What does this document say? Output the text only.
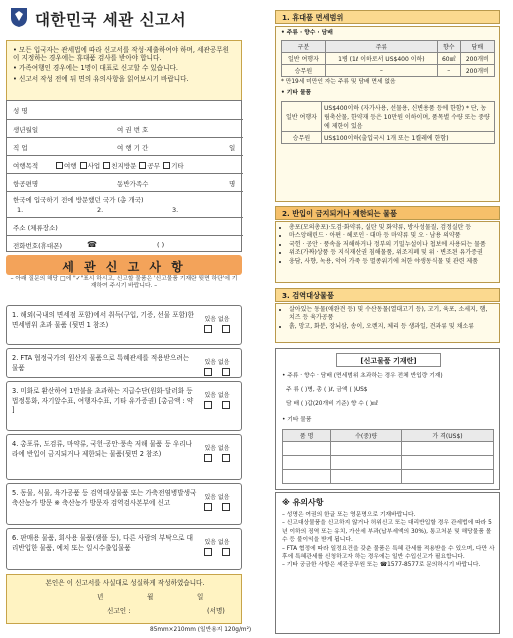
대한민국 세관 신고서
• 모든 입국자는 관세법에 따라 신고서를 작성·제출하여야 하며, 세관공무원이 지정하는 경우에는 휴대품 검사를 받아야 합니다.
• 가족여행인 경우에는 1명이 대표로 신고할 수 있습니다.
• 신고서 작성 전에 뒤 면의 유의사항을 읽어보시기 바랍니다.
성 명
생년월일	여 권 번 호
직 업	여 행 기 간	일
여행목적	여행 사업 친지방문 공무 기타
항공편명	동반가족수	명
한국에 입국하기 전에 방문했던 국가 (총 개국)
1.	2.	3.
주소 (체류장소)
전화번호(휴대폰)	☎	( )
세 관 신 고 사 항
– 아래 질문의 해당 □에 "✓"표시 하시고, 신고할 물품은 '신고물품 기재란 뒷면 하단'에 기재하여 주시기 바랍니다. –
1. 해외(국내의 면세점 포함)에서 취득(구입, 기증, 선물 포함)한 면세범위 초과 물품 (뒷면 1 참조)
있음 없음

2. FTA 협정국가의 원산지 물품으로 특혜관세를 적용받으려는 물품
있음 없음

3. 미화로 환산하여 1만불을 초과하는 지급수단(원화·달러화 등 법정통화, 자기앞수표, 여행자수표, 기타 유가증권) [총금액 : 약 ]
있음 없음

4. 총포류, 도검류, 마약류, 국헌·공안·풍속 저해 물품 등 우리나라에 반입이 금지되거나 제한되는 물품(뒷면 2 참조)
있음 없음

5. 동물, 식물, 육가공품 등 검역대상물품 또는 가축전염병발생국 축산농가 방문 ※ 축산농가 방문자 검역검사본부에 신고
있음 없음

6. 판매용 물품, 회사용 물품(샘플 등), 다른 사람의 부탁으로 대리반입한 물품, 예치 또는 일시수출입물품
있음 없음

본인은 이 신고서를 사실대로 성실하게 작성하였습니다.
년	월	일
신고인 :	(서명)
85mm×210mm (일반용지 120g/m²)
1. 휴대품 면세범위
• 주류 · 향수 · 담배
구분	주류	향수	담배
일반 여행자	1병 (1ℓ 이하로서 US$400 이하)	60㎖	200개비
승무원	–	–	200개비
* 만19세 미만인 자는 주류 및 담배 면세 없음
• 기타 물품
일반 여행자	US$400이하 (자가사용, 선물용, 신변용품 등에 한함) * 단, 농림축산물, 한약재 등은 10만원 이하이며, 품목별 수량 또는 중량에 제한이 있음
승무원	US$100이하(출입국시 1개 또는 1켤레에 한함)
2. 반입이 금지되거나 제한되는 물품
• 총포(모의총포)·도검·화약류, 실탄 및 화약류, 방사성물질, 검정실탄 등
• 마스앙해린드 · 아편 · 헤로인 · 대마 등 마약류 및 오 · 남용 의약품
• 국헌 · 공안 · 풍속을 저해하거나 정부의 기밀누설이나 첩보에 사용되는 물품
• 위조(가짜)상품 등 지식재산권 침해물품, 위조지폐 및 위 · 변조된 유가증권
• 웅담, 사향, 녹용, 악어 가죽 등 멸종위기에 처한 야생동식물 및 관련 제품
3. 검역대상물품
• 살아있는 동물(애완견 등) 및 수산동물(열대고기 등), 고기, 육포, 소세지, 햄, 치즈 등 육가공품
• 흙, 망고, 화분, 장뇌삼, 송이, 오렌지, 체리 등 생과일, 견과류 및 채소류
[신고물품 기재란]
• 주류 · 향수 · 담배 (면세범위 초과하는 경우 전체 반입량 기재)
주 류 ( )병, 총 ( )ℓ, 금액 ( )US$
담 배 ( )갑(20개비 기준) 향 수 ( )㎖
• 기타 물품
품 명	수(중)량	가 격(US$)

※ 유의사항
– 성명은 여권의 한글 또는 영문명으로 기재바랍니다.
– 신고대상물품을 신고하지 않거나 허위신고 또는 대리반입할 경우 관세법에 따라 5년 이하의 징역 또는 유치, 가산세 부과(납부세액의 30%), 통고처분 및 해당물품 몰수 등 불이익을 받게 됩니다.
– FTA 협정에 따라 일정요건을 갖춘 물품은 특혜 관세를 적용받을 수 있으며, 다만 사후에 특혜관세를 신청하고자 하는 경우에는 일반 수입신고가 필요합니다.
– 기타 궁금한 사항은 세관공무원 또는 ☎1577-8577로 문의하시기 바랍니다.
